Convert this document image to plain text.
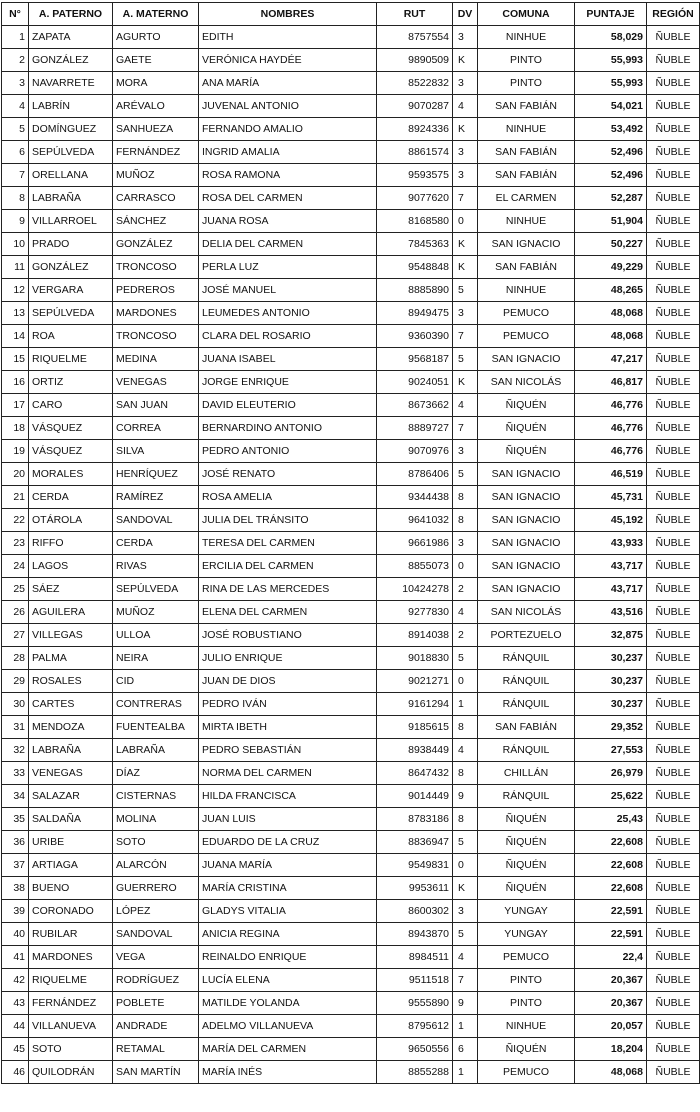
N°	A. PATERNO	A. MATERNO	NOMBRES	RUT	DV	COMUNA	PUNTAJE	REGIÓN
1	ZAPATA	AGURTO	EDITH	8757554	3	NINHUE	58,029	ÑUBLE
2	GONZÁLEZ	GAETE	VERÓNICA HAYDÉE	9890509	K	PINTO	55,993	ÑUBLE
3	NAVARRETE	MORA	ANA MARÍA	8522832	3	PINTO	55,993	ÑUBLE
4	LABRÍN	ARÉVALO	JUVENAL ANTONIO	9070287	4	SAN FABIÁN	54,021	ÑUBLE
5	DOMÍNGUEZ	SANHUEZA	FERNANDO AMALIO	8924336	K	NINHUE	53,492	ÑUBLE
6	SEPÚLVEDA	FERNÁNDEZ	INGRID AMALIA	8861574	3	SAN FABIÁN	52,496	ÑUBLE
7	ORELLANA	MUÑOZ	ROSA RAMONA	9593575	3	SAN FABIÁN	52,496	ÑUBLE
8	LABRAÑA	CARRASCO	ROSA DEL CARMEN	9077620	7	EL CARMEN	52,287	ÑUBLE
9	VILLARROEL	SÁNCHEZ	JUANA ROSA	8168580	0	NINHUE	51,904	ÑUBLE
10	PRADO	GONZÁLEZ	DELIA DEL CARMEN	7845363	K	SAN IGNACIO	50,227	ÑUBLE
11	GONZÁLEZ	TRONCOSO	PERLA LUZ	9548848	K	SAN FABIÁN	49,229	ÑUBLE
12	VERGARA	PEDREROS	JOSÉ MANUEL	8885890	5	NINHUE	48,265	ÑUBLE
13	SEPÚLVEDA	MARDONES	LEUMEDES ANTONIO	8949475	3	PEMUCO	48,068	ÑUBLE
14	ROA	TRONCOSO	CLARA DEL ROSARIO	9360390	7	PEMUCO	48,068	ÑUBLE
15	RIQUELME	MEDINA	JUANA ISABEL	9568187	5	SAN IGNACIO	47,217	ÑUBLE
16	ORTIZ	VENEGAS	JORGE ENRIQUE	9024051	K	SAN NICOLÁS	46,817	ÑUBLE
17	CARO	SAN JUAN	DAVID ELEUTERIO	8673662	4	ÑIQUÉN	46,776	ÑUBLE
18	VÁSQUEZ	CORREA	BERNARDINO ANTONIO	8889727	7	ÑIQUÉN	46,776	ÑUBLE
19	VÁSQUEZ	SILVA	PEDRO ANTONIO	9070976	3	ÑIQUÉN	46,776	ÑUBLE
20	MORALES	HENRÍQUEZ	JOSÉ RENATO	8786406	5	SAN IGNACIO	46,519	ÑUBLE
21	CERDA	RAMÍREZ	ROSA AMELIA	9344438	8	SAN IGNACIO	45,731	ÑUBLE
22	OTÁROLA	SANDOVAL	JULIA DEL TRÁNSITO	9641032	8	SAN IGNACIO	45,192	ÑUBLE
23	RIFFO	CERDA	TERESA DEL CARMEN	9661986	3	SAN IGNACIO	43,933	ÑUBLE
24	LAGOS	RIVAS	ERCILIA DEL CARMEN	8855073	0	SAN IGNACIO	43,717	ÑUBLE
25	SÁEZ	SEPÚLVEDA	RINA DE LAS MERCEDES	10424278	2	SAN IGNACIO	43,717	ÑUBLE
26	AGUILERA	MUÑOZ	ELENA DEL CARMEN	9277830	4	SAN NICOLÁS	43,516	ÑUBLE
27	VILLEGAS	ULLOA	JOSÉ ROBUSTIANO	8914038	2	PORTEZUELO	32,875	ÑUBLE
28	PALMA	NEIRA	JULIO ENRIQUE	9018830	5	RÁNQUIL	30,237	ÑUBLE
29	ROSALES	CID	JUAN DE DIOS	9021271	0	RÁNQUIL	30,237	ÑUBLE
30	CARTES	CONTRERAS	PEDRO IVÁN	9161294	1	RÁNQUIL	30,237	ÑUBLE
31	MENDOZA	FUENTEALBA	MIRTA IBETH	9185615	8	SAN FABIÁN	29,352	ÑUBLE
32	LABRAÑA	LABRAÑA	PEDRO SEBASTIÁN	8938449	4	RÁNQUIL	27,553	ÑUBLE
33	VENEGAS	DÍAZ	NORMA DEL CARMEN	8647432	8	CHILLÁN	26,979	ÑUBLE
34	SALAZAR	CISTERNAS	HILDA FRANCISCA	9014449	9	RÁNQUIL	25,622	ÑUBLE
35	SALDAÑA	MOLINA	JUAN LUIS	8783186	8	ÑIQUÉN	25,43	ÑUBLE
36	URIBE	SOTO	EDUARDO DE LA CRUZ	8836947	5	ÑIQUÉN	22,608	ÑUBLE
37	ARTIAGA	ALARCÓN	JUANA MARÍA	9549831	0	ÑIQUÉN	22,608	ÑUBLE
38	BUENO	GUERRERO	MARÍA CRISTINA	9953611	K	ÑIQUÉN	22,608	ÑUBLE
39	CORONADO	LÓPEZ	GLADYS VITALIA	8600302	3	YUNGAY	22,591	ÑUBLE
40	RUBILAR	SANDOVAL	ANICIA REGINA	8943870	5	YUNGAY	22,591	ÑUBLE
41	MARDONES	VEGA	REINALDO ENRIQUE	8984511	4	PEMUCO	22,4	ÑUBLE
42	RIQUELME	RODRÍGUEZ	LUCÍA ELENA	9511518	7	PINTO	20,367	ÑUBLE
43	FERNÁNDEZ	POBLETE	MATILDE YOLANDA	9555890	9	PINTO	20,367	ÑUBLE
44	VILLANUEVA	ANDRADE	ADELMO VILLANUEVA	8795612	1	NINHUE	20,057	ÑUBLE
45	SOTO	RETAMAL	MARÍA DEL CARMEN	9650556	6	ÑIQUÉN	18,204	ÑUBLE
46	QUILODRÁN	SAN MARTÍN	MARÍA INÉS	8855288	1	PEMUCO	48,068	ÑUBLE
